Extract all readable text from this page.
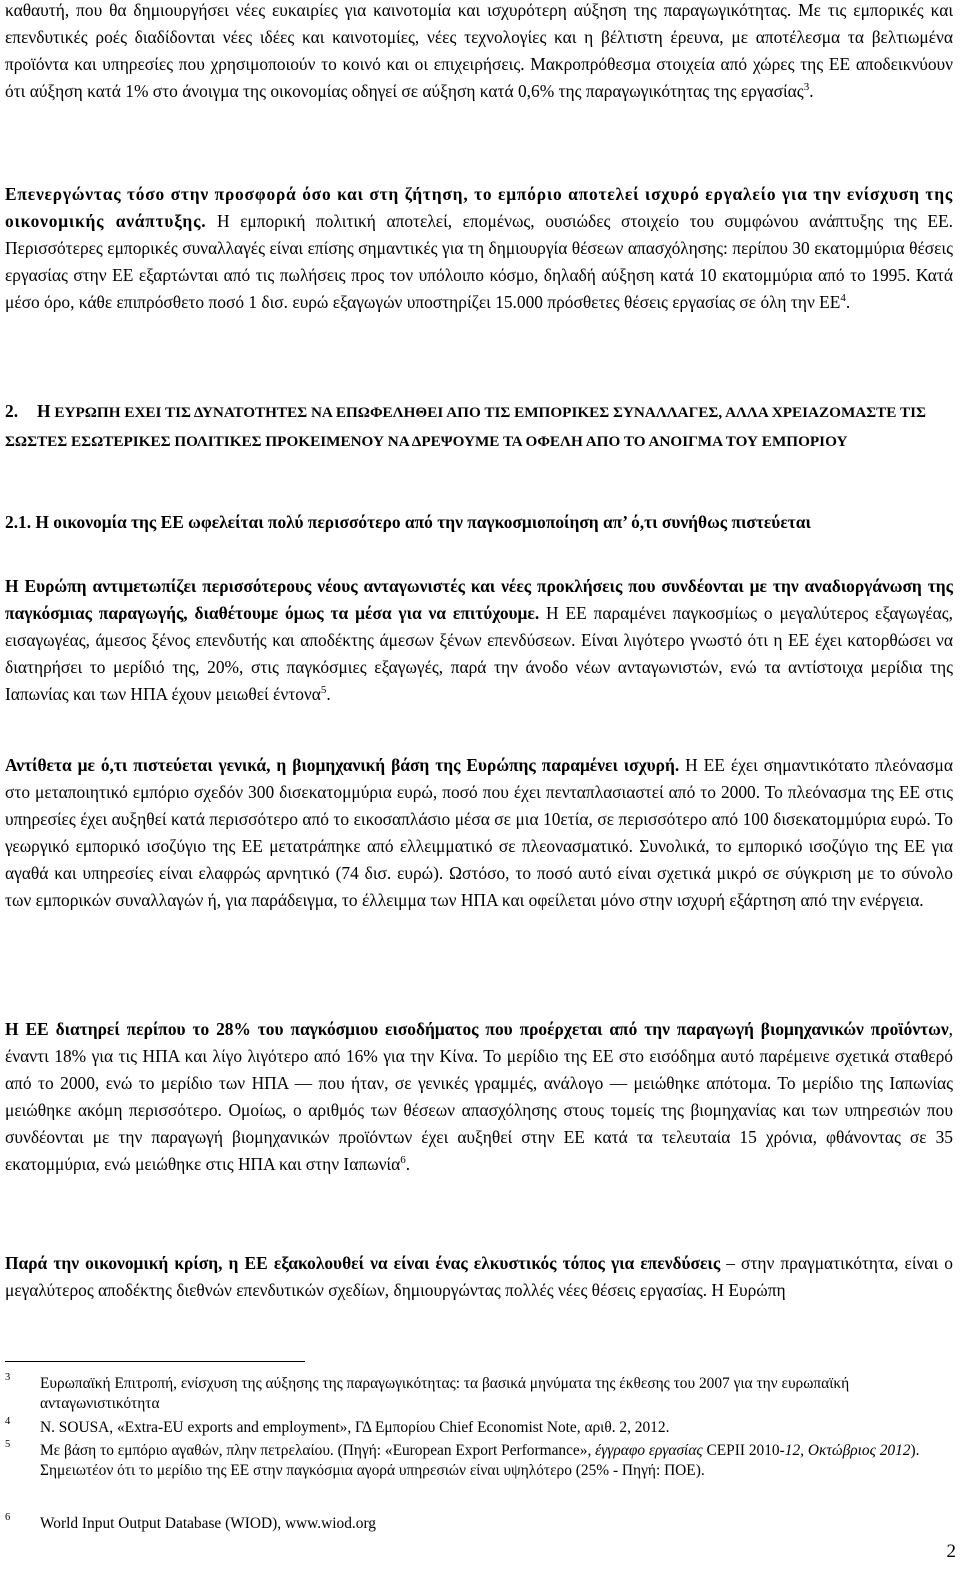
καθαυτή, που θα δημιουργήσει νέες ευκαιρίες για καινοτομία και ισχυρότερη αύξηση της παραγωγικότητας. Με τις εμπορικές και επενδυτικές ροές διαδίδονται νέες ιδέες και καινοτομίες, νέες τεχνολογίες και η βέλτιστη έρευνα, με αποτέλεσμα τα βελτιωμένα προϊόντα και υπηρεσίες που χρησιμοποιούν το κοινό και οι επιχειρήσεις. Μακροπρόθεσμα στοιχεία από χώρες της ΕΕ αποδεικνύουν ότι αύξηση κατά 1% στο άνοιγμα της οικονομίας οδηγεί σε αύξηση κατά 0,6% της παραγωγικότητας της εργασίας$^3$.

Επενεργώντας τόσο στην προσφορά όσο και στη ζήτηση, το εμπόριο αποτελεί ισχυρό εργαλείο για την ενίσχυση της οικονομικής ανάπτυξης. Η εμπορική πολιτική αποτελεί, επομένως, ουσιώδες στοιχείο του συμφώνου ανάπτυξης της ΕΕ. Περισσότερες εμπορικές συναλλαγές είναι επίσης σημαντικές για τη δημιουργία θέσεων απασχόλησης: περίπου 30 εκατομμύρια θέσεις εργασίας στην ΕΕ εξαρτώνται από τις πωλήσεις προς τον υπόλοιπο κόσμο, δηλαδή αύξηση κατά 10 εκατομμύρια από το 1995. Κατά μέσο όρο, κάθε επιπρόσθετο ποσό 1 δισ. ευρώ εξαγωγών υποστηρίζει 15.000 πρόσθετες θέσεις εργασίας σε όλη την $EE^4$.

2. Η ΕΥΡΩΠΗ ΕΧΕΙ ΤΙΣ ΔΥΝΑΤΟΤΗΤΕΣ ΝΑ ΕΠΩΦΕΛΗΘΕΙ ΑΠΟ ΤΙΣ ΕΜΠΟΡΙΚΕΣ ΣΥΝΑΛΛΑΓΕΣ, ΑΛΛΑ ΧΡΕΙΑΖΟΜΑΣΤΕ ΤΙΣ ΣΩΣΤΕΣ ΕΣΩΤΕΡΙΚΕΣ ΠΟΛΙΤΙΚΕΣ ΠΡΟΚΕΙΜΕΝΟΥ ΝΑ ΔΡΕΨΟΥΜΕ ΤΑ ΟΦΕΛΗ ΑΠΟ ΤΟ ΑΝΟΙΓΜΑ ΤΟΥ ΕΜΠΟΡΙΟΥ
2.1. Η οικονομία της ΕΕ ωφελείται πολύ περισσότερο από την παγκοσμιοποίηση απ’ ό,τι συνήθως πιστεύεται

Η Ευρώπη αντιμετωπίζει περισσότερους νέους ανταγωνιστές και νέες προκλήσεις που συνδέονται με την αναδιοργάνωση της παγκόσμιας παραγωγής, διαθέτουμε όμως τα μέσα για να επιτύχουμε. Η ΕΕ παραμένει παγκοσμίως ο μεγαλύτερος εξαγωγέας, εισαγωγέας, άμεσος ξένος επενδυτής και αποδέκτης άμεσων ξένων επενδύσεων. Είναι λιγότερο γνωστό ότι η ΕΕ έχει κατορθώσει να διατηρήσει το μερίδιό της, 20%, στις παγκόσμιες εξαγωγές, παρά την άνοδο νέων ανταγωνιστών, ενώ τα αντίστοιχα μερίδια της Ιαπωνίας και των ΗΠΑ έχουν μειωθεί έντονα$^5$.

Αντίθετα με ό,τι πιστεύεται γενικά, η βιομηχανική βάση της Ευρώπης παραμένει ισχυρή. Η ΕΕ έχει σημαντικότατο πλεόνασμα στο μεταποιητικό εμπόριο σχεδόν 300 δισεκατομμύρια ευρώ, ποσό που έχει πενταπλασιαστεί από το 2000. Το πλεόνασμα της ΕΕ στις υπηρεσίες έχει αυξηθεί κατά περισσότερο από το εικοσαπλάσιο μέσα σε μια 10ετία, σε περισσότερο από 100 δισεκατομμύρια ευρώ. Το γεωργικό εμπορικό ισοζύγιο της ΕΕ μετατράπηκε από ελλειμματικό σε πλεονασματικό. Συνολικά, το εμπορικό ισοζύγιο της ΕΕ για αγαθά και υπηρεσίες είναι ελαφρώς αρνητικό (74 δισ. ευρώ). Ωστόσο, το ποσό αυτό είναι σχετικά μικρό σε σύγκριση με το σύνολο των εμπορικών συναλλαγών ή, για παράδειγμα, το έλλειμμα των ΗΠΑ και οφείλεται μόνο στην ισχυρή εξάρτηση από την ενέργεια.

Η ΕΕ διατηρεί περίπου το 28% του παγκόσμιου εισοδήματος που προέρχεται από την παραγωγή βιομηχανικών προϊόντων, έναντι 18% για τις ΗΠΑ και λίγο λιγότερο από 16% για την Κίνα. Το μερίδιο της ΕΕ στο εισόδημα αυτό παρέμεινε σχετικά σταθερό από το 2000, ενώ το μερίδιο των ΗΠΑ — που ήταν, σε γενικές γραμμές, ανάλογο — μειώθηκε απότομα. Το μερίδιο της Ιαπωνίας μειώθηκε ακόμη περισσότερο. Ομοίως, ο αριθμός των θέσεων απασχόλησης στους τομείς της βιομηχανίας και των υπηρεσιών που συνδέονται με την παραγωγή βιομηχανικών προϊόντων έχει αυξηθεί στην ΕΕ κατά τα τελευταία 15 χρόνια, φθάνοντας σε 35 εκατομμύρια, ενώ μειώθηκε στις ΗΠΑ και στην Ιαπωνία$^6$.

Παρά την οικονομική κρίση, η ΕΕ εξακολουθεί να είναι ένας ελκυστικός τόπος για επενδύσεις – στην πραγματικότητα, είναι ο μεγαλύτερος αποδέκτης διεθνών επενδυτικών σχεδίων, δημιουργώντας πολλές νέες θέσεις εργασίας. Η Ευρώπη

3 Ευρωπαϊκή Επιτροπή, ενίσχυση της αύξησης της παραγωγικότητας: τα βασικά μηνύματα της έκθεσης του 2007 για την ευρωπαϊκή ανταγωνιστικότητα
4 N. SOUSA, «Extra-EU exports and employment», ΓΔ Εμπορίου Chief Economist Note, αριθ. 2, 2012.
5 Με βάση το εμπόριο αγαθών, πλην πετρελαίου. (Πηγή: «European Export Performance», έγγραφο εργασίας CEPII 2010-12, Οκτώβριος 2012). Σημειωτέον ότι το μερίδιο της ΕΕ στην παγκόσμια αγορά υπηρεσιών είναι υψηλότερο (25% - Πηγή: ΠΟΕ).
6 World Input Output Database (WIOD), www.wiod.org
2
